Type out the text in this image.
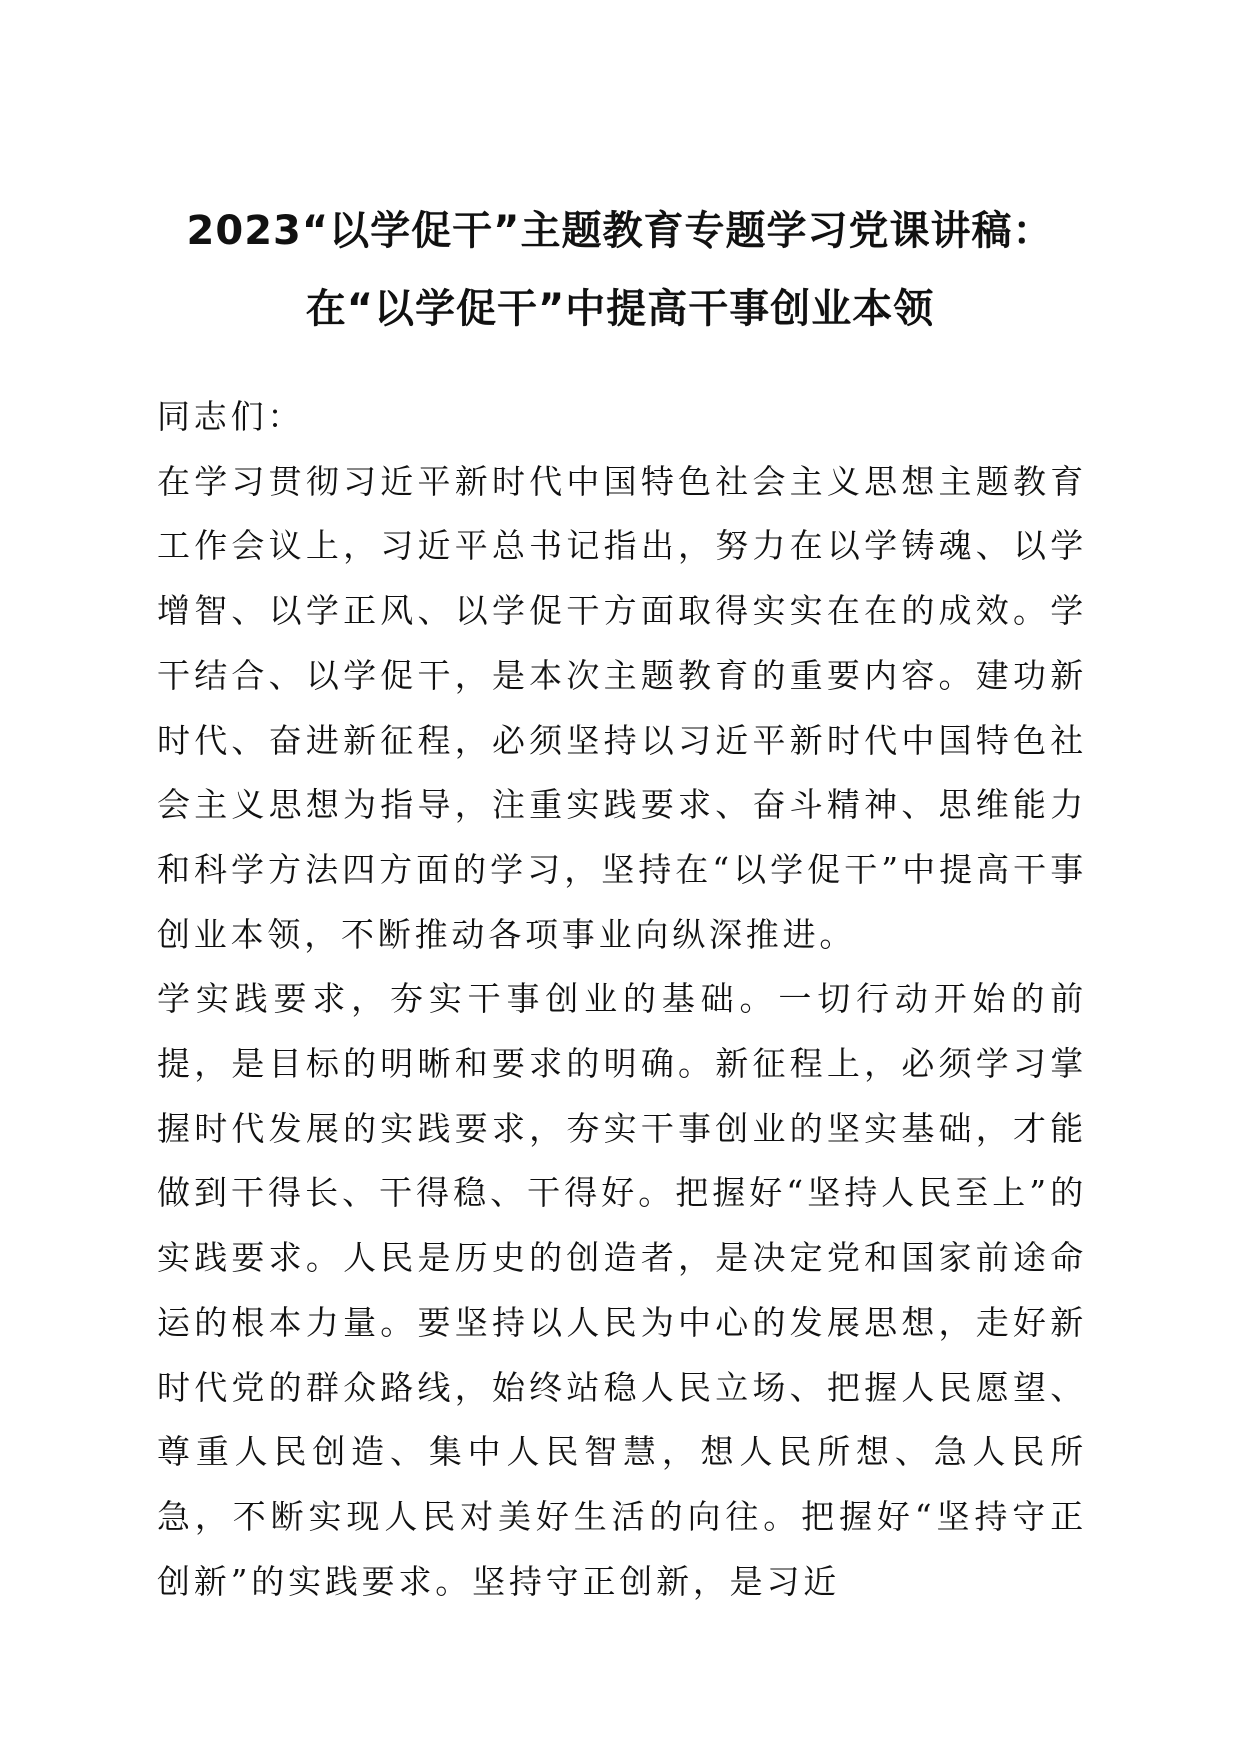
2023“以学促干”主题教育专题学习党课讲稿：
在“以学促干”中提高干事创业本领

同志们：

在学习贯彻习近平新时代中国特色社会主义思想主题教育工作会议上，习近平总书记指出，努力在以学铸魂、以学增智、以学正风、以学促干方面取得实实在在的成效。学干结合、以学促干，是本次主题教育的重要内容。建功新时代、奋进新征程，必须坚持以习近平新时代中国特色社会主义思想为指导，注重实践要求、奋斗精神、思维能力和科学方法四方面的学习，坚持在“以学促干”中提高干事创业本领，不断推动各项事业向纵深推进。

学实践要求，夯实干事创业的基础。一切行动开始的前提，是目标的明晰和要求的明确。新征程上，必须学习掌握时代发展的实践要求，夯实干事创业的坚实基础，才能做到干得长、干得稳、干得好。把握好“坚持人民至上”的实践要求。人民是历史的创造者，是决定党和国家前途命运的根本力量。要坚持以人民为中心的发展思想，走好新时代党的群众路线，始终站稳人民立场、把握人民愿望、尊重人民创造、集中人民智慧，想人民所想、急人民所急，不断实现人民对美好生活的向往。把握好“坚持守正创新”的实践要求。坚持守正创新，是习近
